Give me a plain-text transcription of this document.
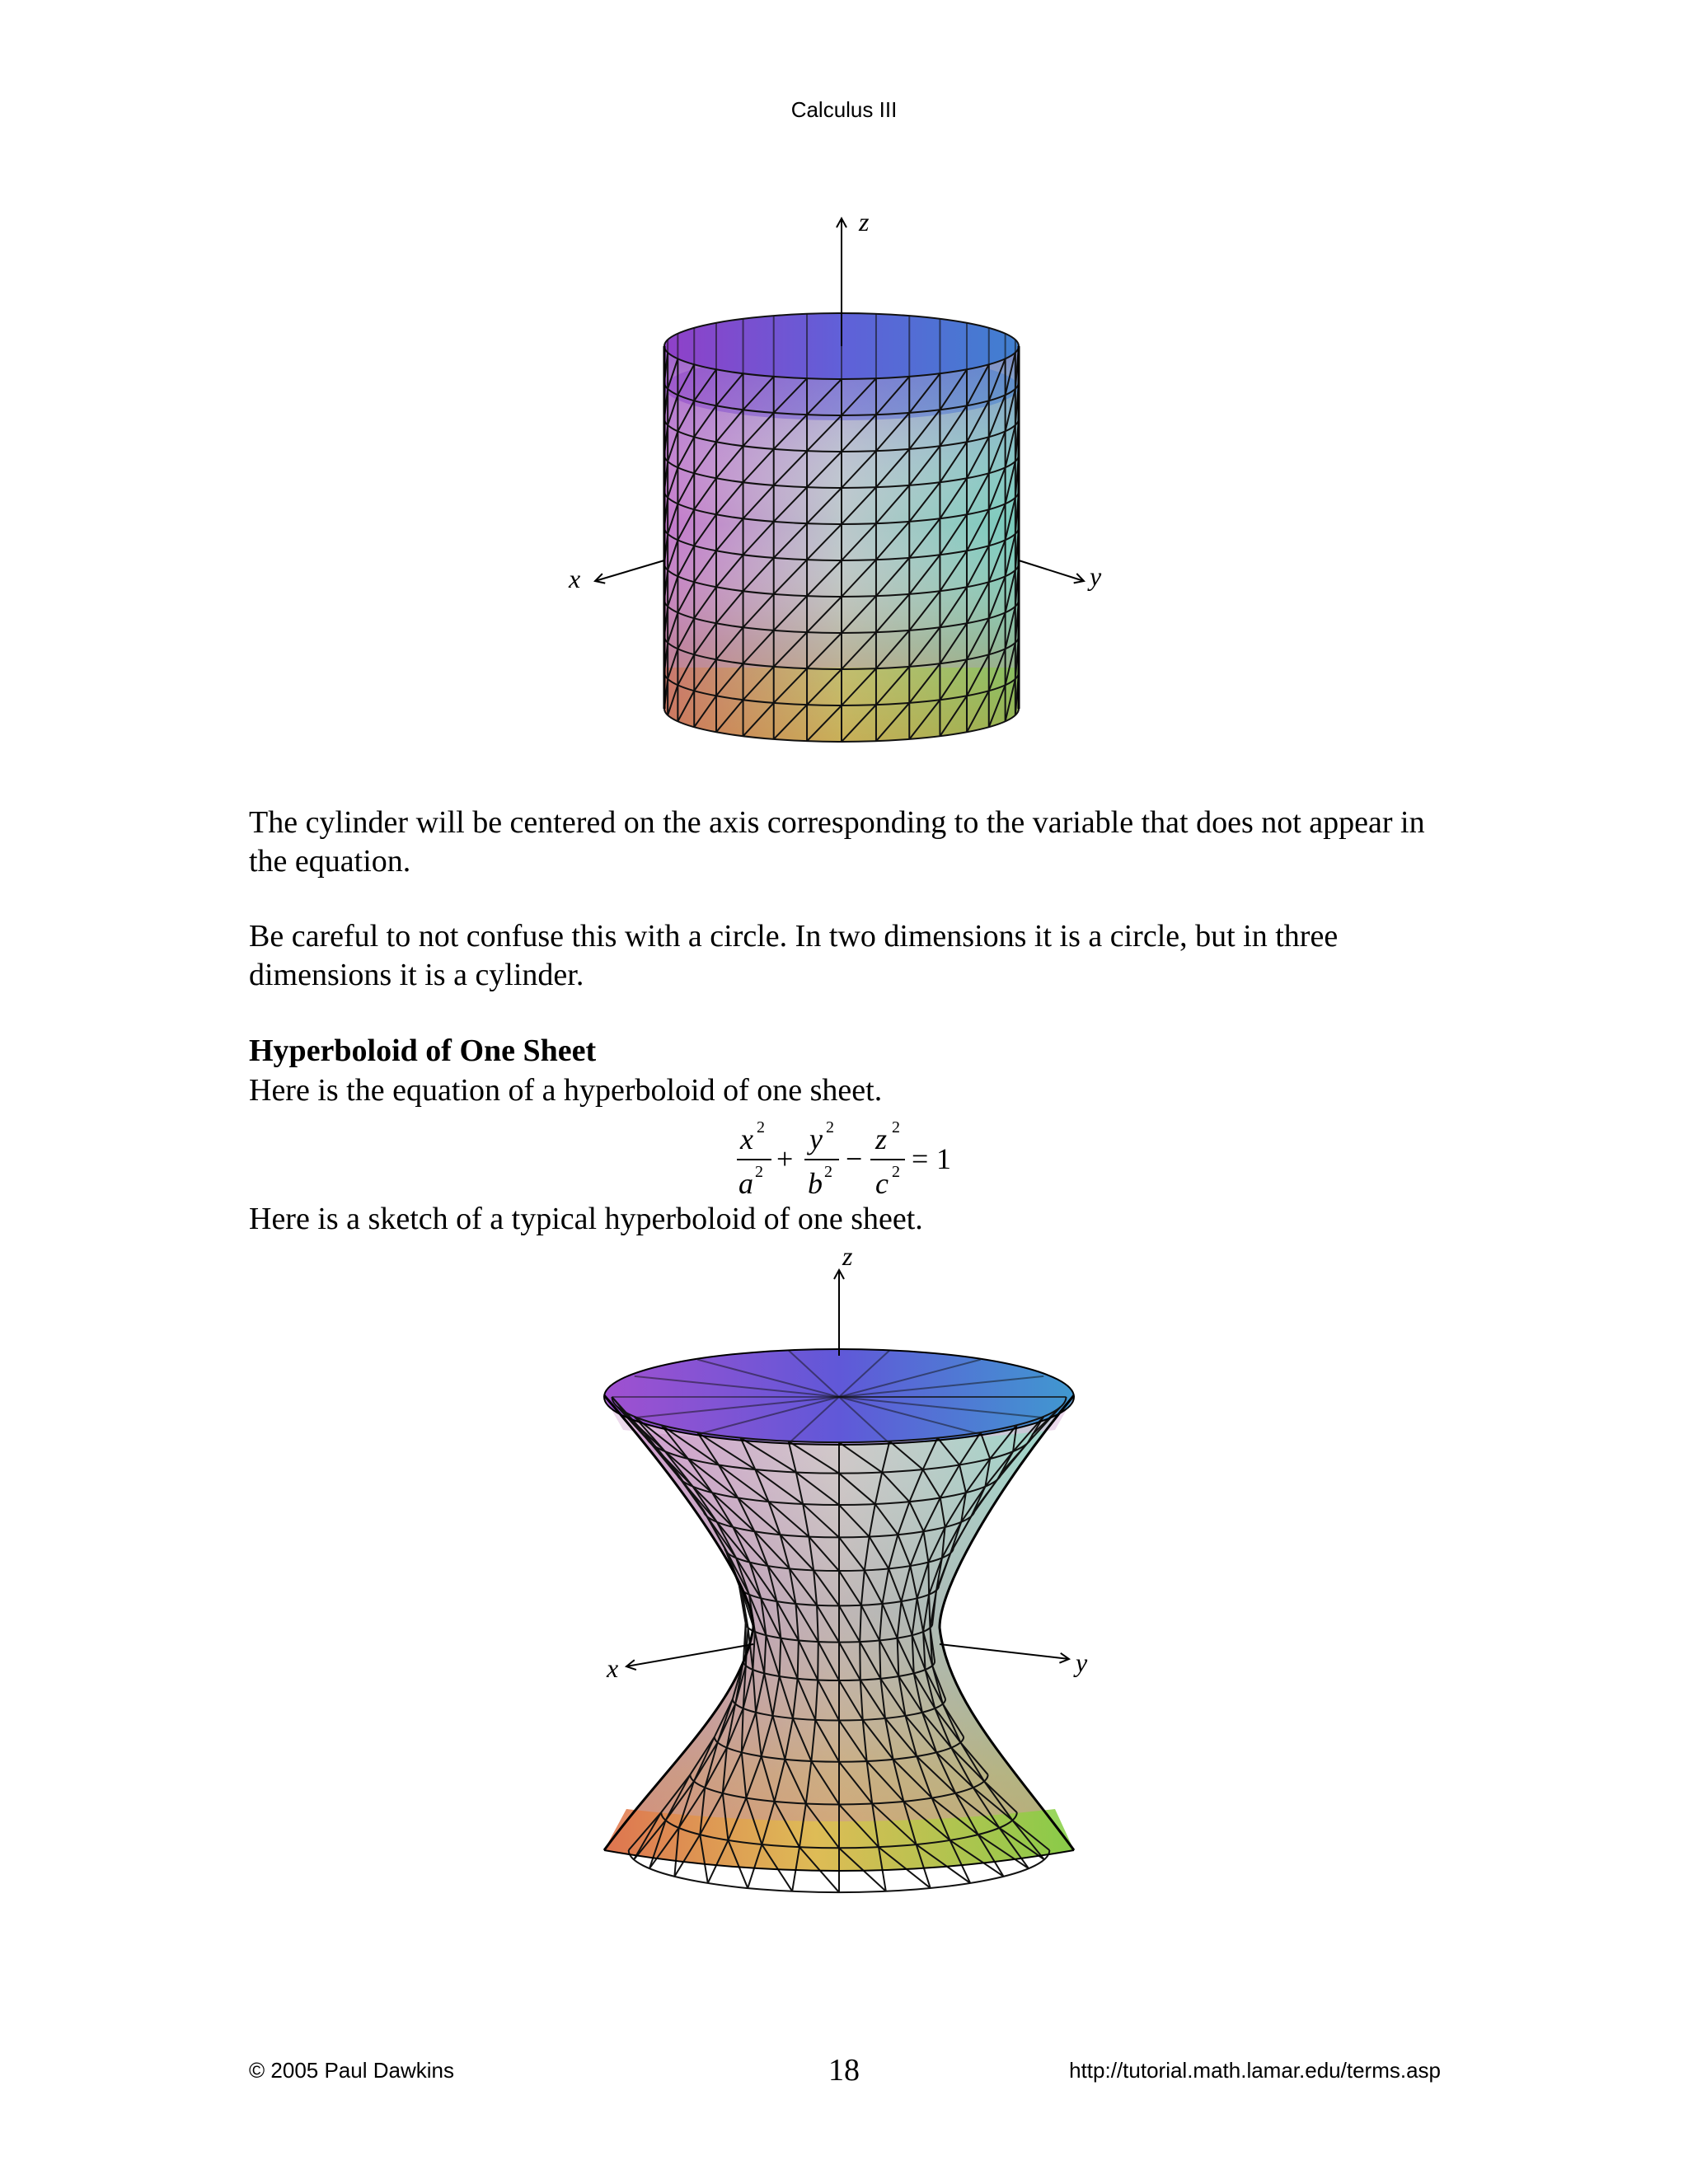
Calculus III
z
x	y

The cylinder will be centered on the axis corresponding to the variable that does not appear in the equation.

Be careful to not confuse this with a circle. In two dimensions it is a circle, but in three dimensions it is a cylinder.

Hyperboloid of One Sheet

Here is the equation of a hyperboloid of one sheet.

x 2
a 2 +
y 2
b 2 −
z 2
c 2 = 1

Here is a sketch of a typical hyperboloid of one sheet.

z
x	y
© 2005 Paul Dawkins	18	http://tutorial.math.lamar.edu/terms.asp
